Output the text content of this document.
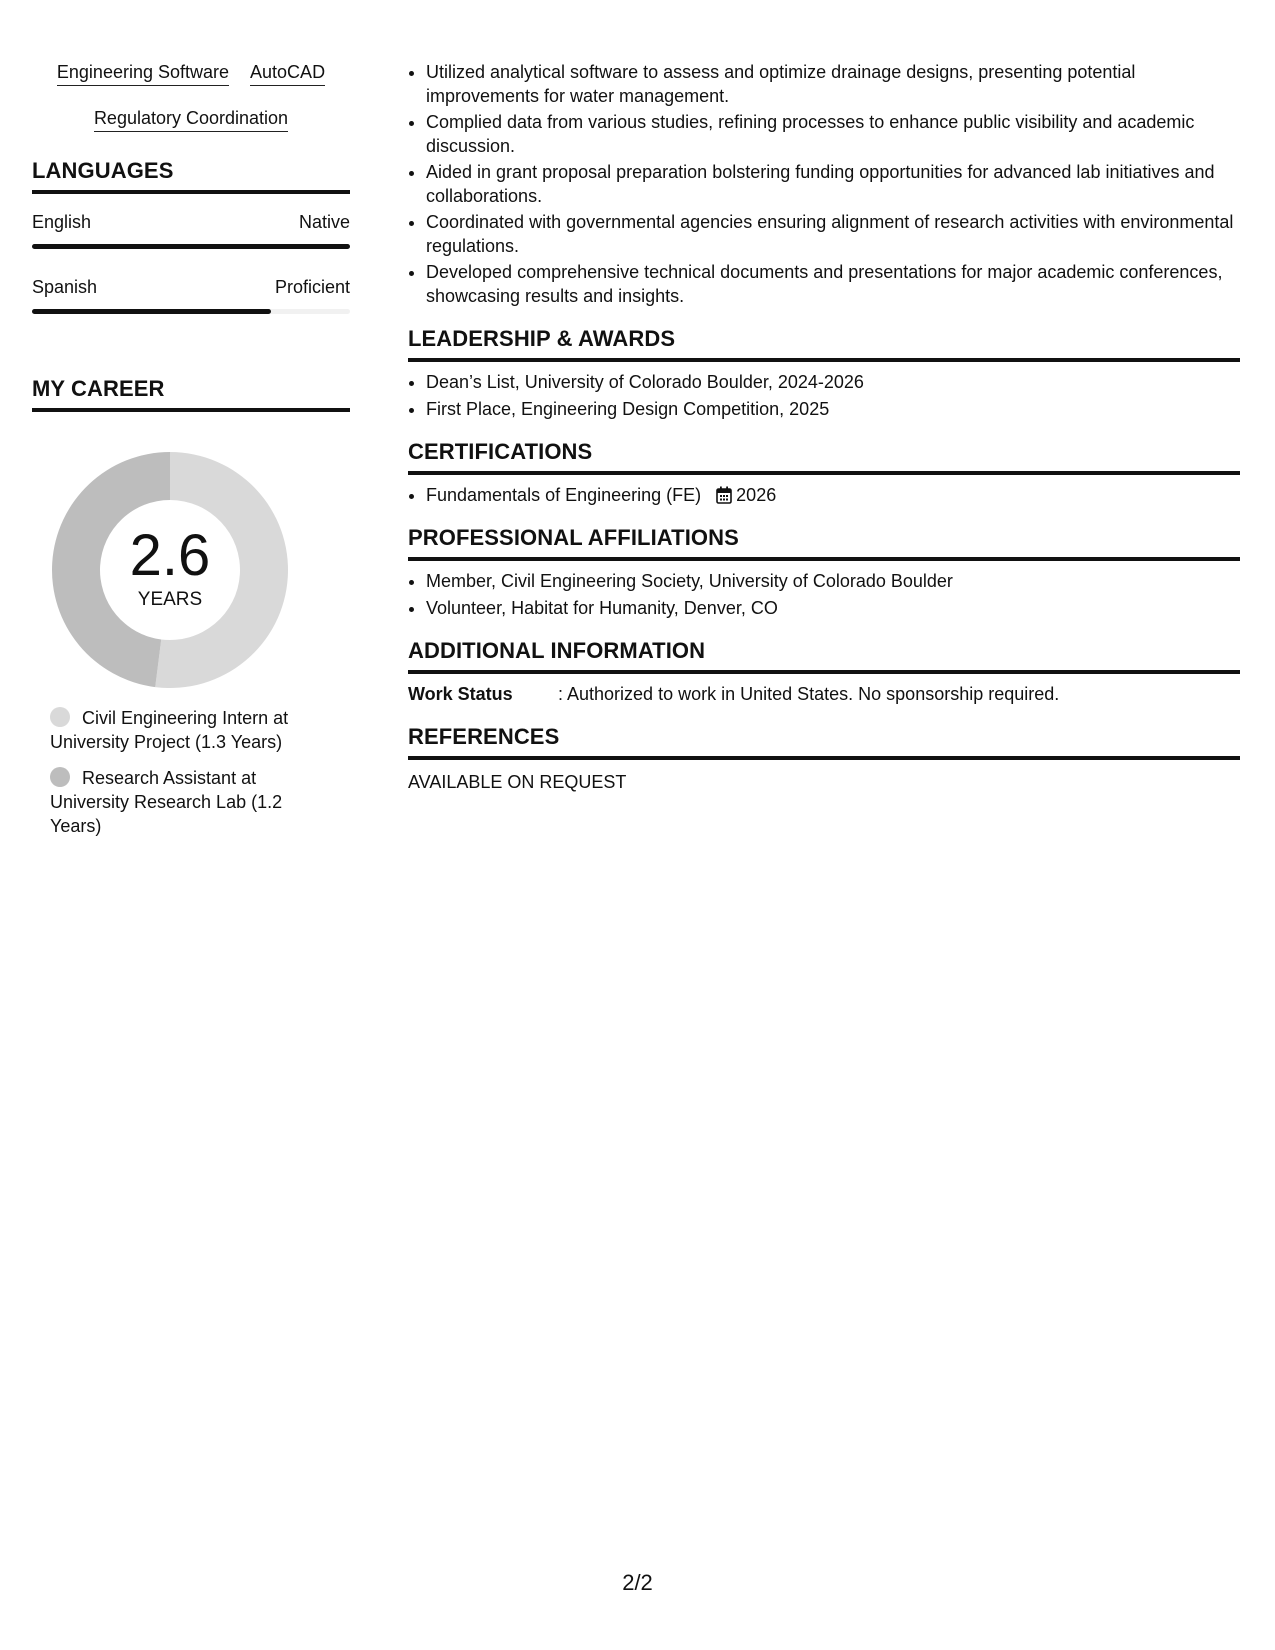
Engineering Software AutoCAD
Regulatory Coordination
LANGUAGES
English	Native
Spanish	Proficient
MY CAREER
2.6
YEARS
Civil Engineering Intern at University Project (1.3 Years)
Research Assistant at University Research Lab (1.2 Years)
• Utilized analytical software to assess and optimize drainage designs, presenting potential improvements for water management.
• Complied data from various studies, refining processes to enhance public visibility and academic discussion.
• Aided in grant proposal preparation bolstering funding opportunities for advanced lab initiatives and collaborations.
• Coordinated with governmental agencies ensuring alignment of research activities with environmental regulations.
• Developed comprehensive technical documents and presentations for major academic conferences, showcasing results and insights.
LEADERSHIP & AWARDS
• Dean’s List, University of Colorado Boulder, 2024-2026
• First Place, Engineering Design Competition, 2025
CERTIFICATIONS
• Fundamentals of Engineering (FE) 2026
PROFESSIONAL AFFILIATIONS
• Member, Civil Engineering Society, University of Colorado Boulder
• Volunteer, Habitat for Humanity, Denver, CO
ADDITIONAL INFORMATION
Work Status	: Authorized to work in United States. No sponsorship required.
REFERENCES
AVAILABLE ON REQUEST
2/2
